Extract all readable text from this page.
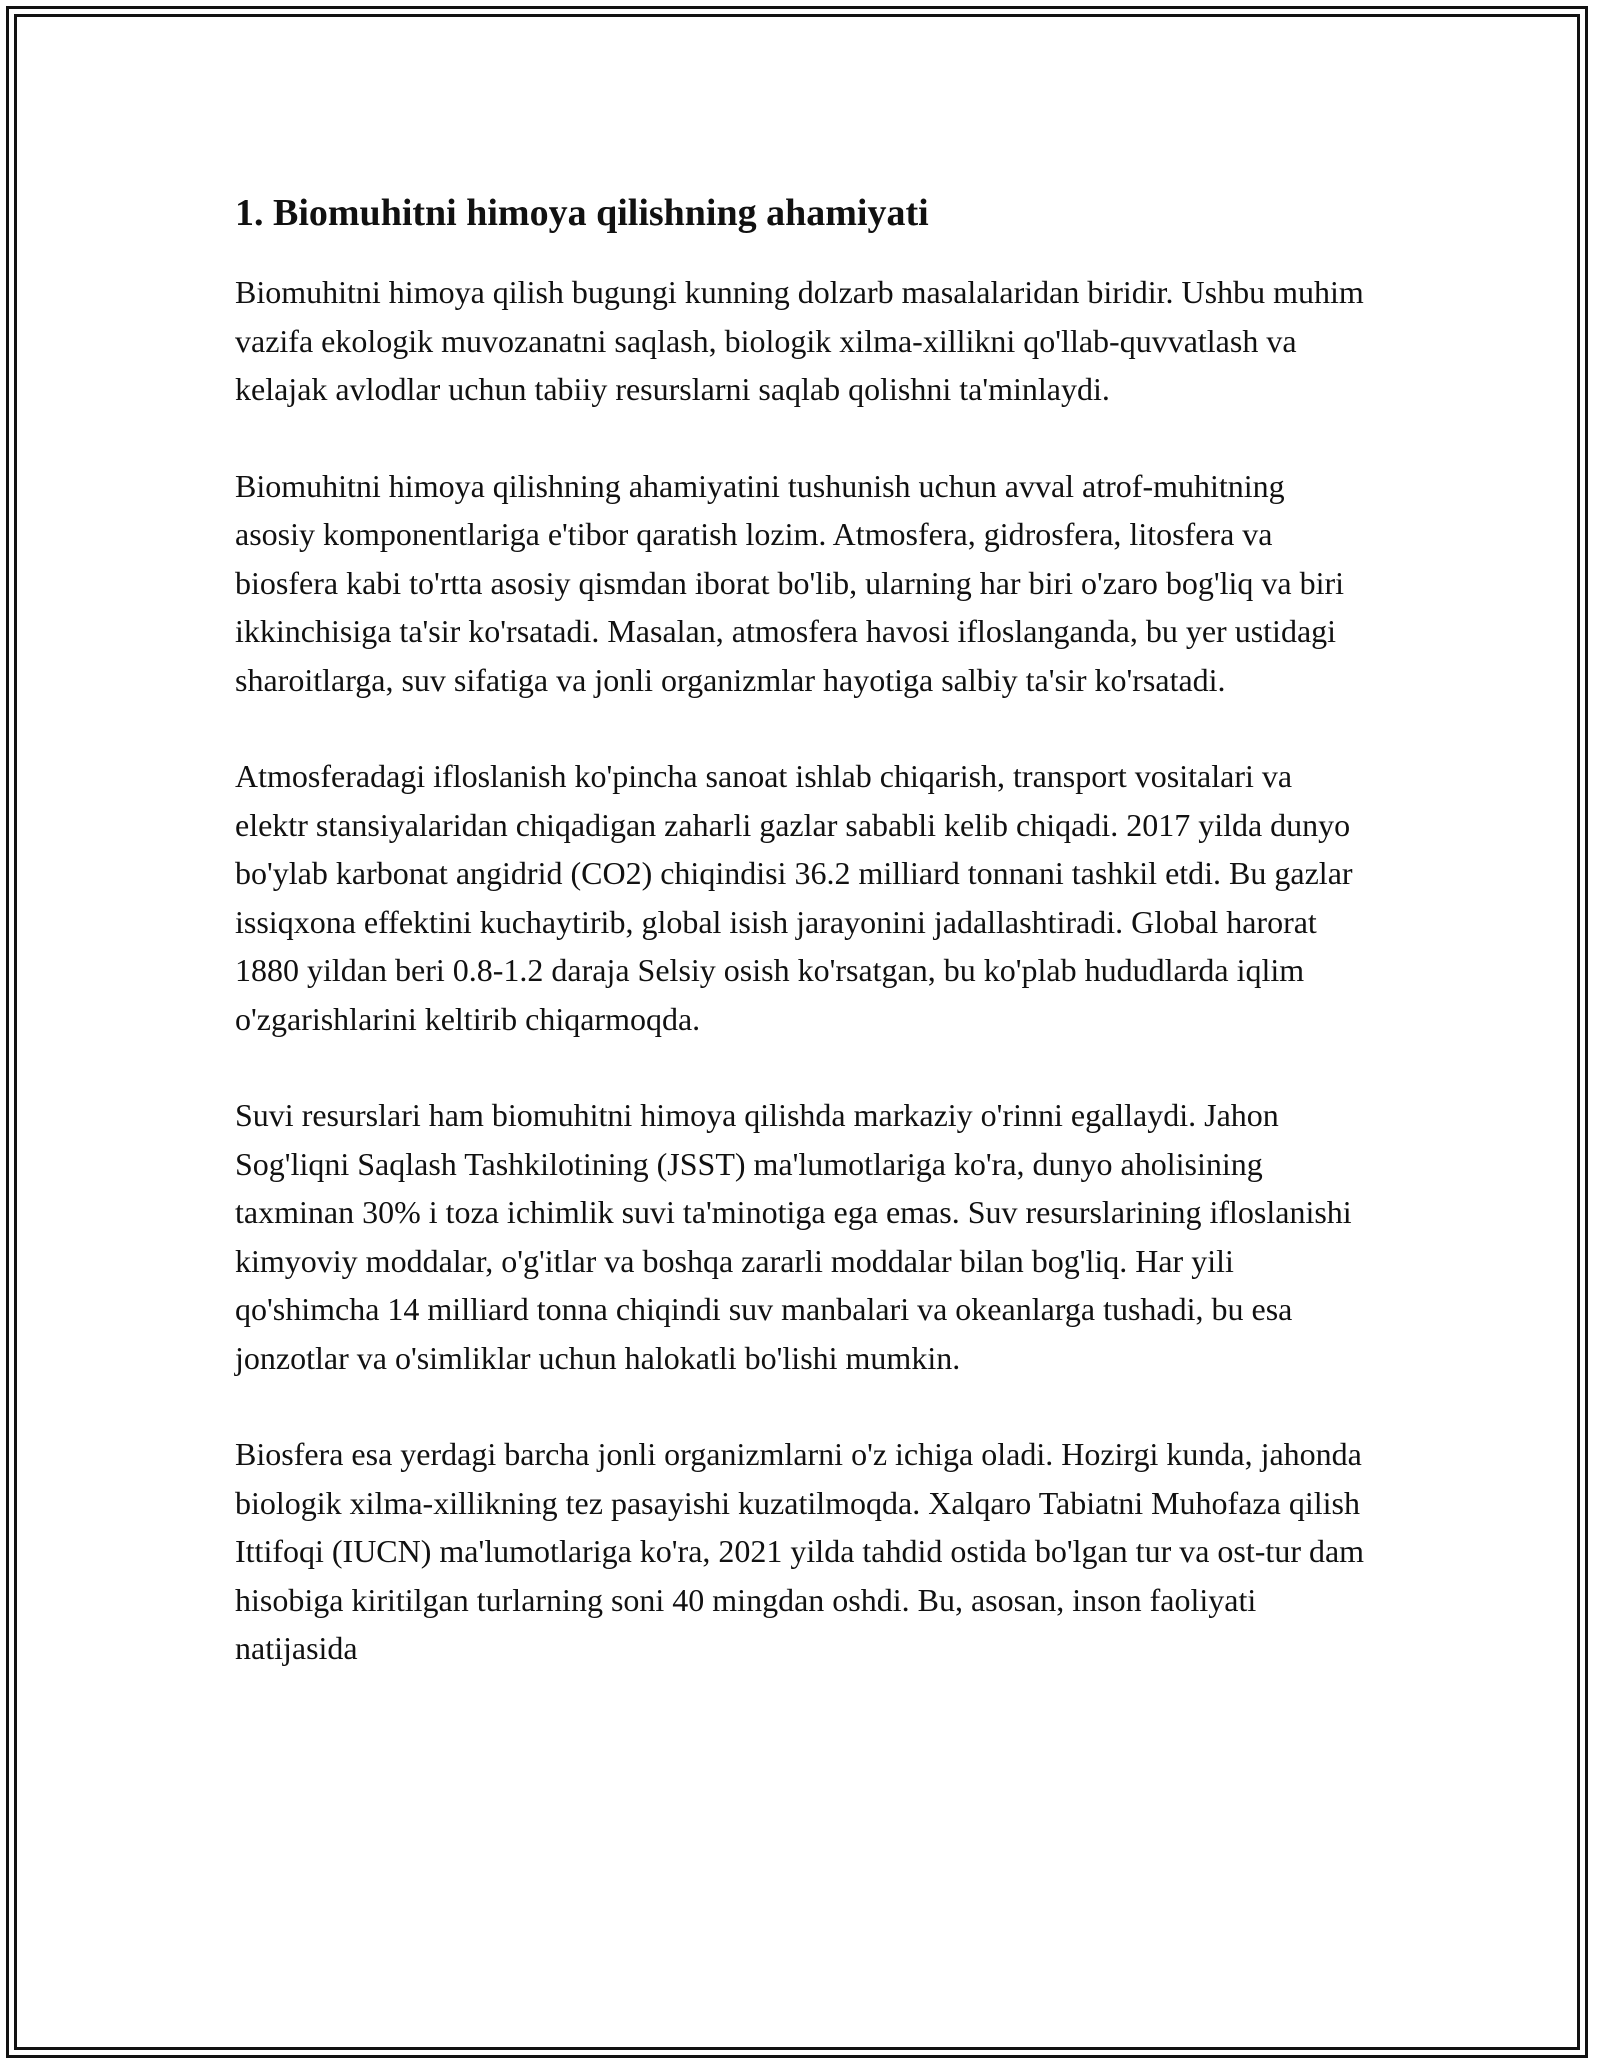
1. Biomuhitni himoya qilishning ahamiyati

Biomuhitni himoya qilish bugungi kunning dolzarb masalalaridan biridir. Ushbu muhim vazifa ekologik muvozanatni saqlash, biologik xilma-xillikni qo'llab-quvvatlash va kelajak avlodlar uchun tabiiy resurslarni saqlab qolishni ta'minlaydi.

Biomuhitni himoya qilishning ahamiyatini tushunish uchun avval atrof-muhitning asosiy komponentlariga e'tibor qaratish lozim. Atmosfera, gidrosfera, litosfera va biosfera kabi to'rtta asosiy qismdan iborat bo'lib, ularning har biri o'zaro bog'liq va biri ikkinchisiga ta'sir ko'rsatadi. Masalan, atmosfera havosi ifloslanganda, bu yer ustidagi sharoitlarga, suv sifatiga va jonli organizmlar hayotiga salbiy ta'sir ko'rsatadi.

Atmosferadagi ifloslanish ko'pincha sanoat ishlab chiqarish, transport vositalari va elektr stansiyalaridan chiqadigan zaharli gazlar sababli kelib chiqadi. 2017 yilda dunyo bo'ylab karbonat angidrid (CO2) chiqindisi 36.2 milliard tonnani tashkil etdi. Bu gazlar issiqxona effektini kuchaytirib, global isish jarayonini jadallashtiradi. Global harorat 1880 yildan beri 0.8-1.2 daraja Selsiy osish ko'rsatgan, bu ko'plab hududlarda iqlim o'zgarishlarini keltirib chiqarmoqda.

Suvi resurslari ham biomuhitni himoya qilishda markaziy o'rinni egallaydi. Jahon Sog'liqni Saqlash Tashkilotining (JSST) ma'lumotlariga ko'ra, dunyo aholisining taxminan 30% i toza ichimlik suvi ta'minotiga ega emas. Suv resurslarining ifloslanishi kimyoviy moddalar, o'g'itlar va boshqa zararli moddalar bilan bog'liq. Har yili qo'shimcha 14 milliard tonna chiqindi suv manbalari va okeanlarga tushadi, bu esa jonzotlar va o'simliklar uchun halokatli bo'lishi mumkin.

Biosfera esa yerdagi barcha jonli organizmlarni o'z ichiga oladi. Hozirgi kunda, jahonda biologik xilma-xillikning tez pasayishi kuzatilmoqda. Xalqaro Tabiatni Muhofaza qilish Ittifoqi (IUCN) ma'lumotlariga ko'ra, 2021 yilda tahdid ostida bo'lgan tur va ost-tur dam hisobiga kiritilgan turlarning soni 40 mingdan oshdi. Bu, asosan, inson faoliyati natijasida
